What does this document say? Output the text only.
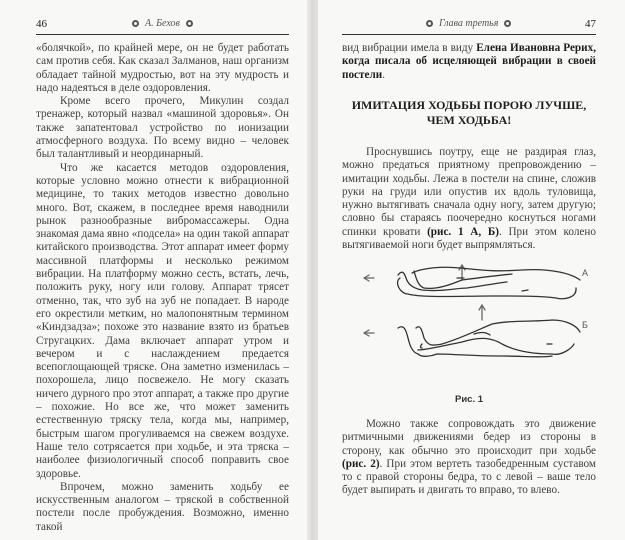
46	А. Бехов

«болячкой», по крайней мере, он не будет работать сам против себя. Как сказал Залманов, наш организм обладает тайной мудростью, вот на эту мудрость и надо надеяться в деле оздоровления.

Кроме всего прочего, Микулин создал тренажер, который назвал «машиной здоровья». Он также запатентовал устройство по ионизации атмосферного воздуха. По всему видно – человек был талантливый и неординарный.

Что же касается методов оздоровления, которые условно можно отнести к вибрационной медицине, то таких методов известно довольно много. Вот, скажем, в последнее время наводнили рынок разнообразные вибромассажеры. Одна знакомая дама явно «подсела» на один такой аппарат китайского производства. Этот аппарат имеет форму массивной платформы и несколько режимом вибрации. На платформу можно сесть, встать, лечь, положить руку, ногу или голову. Аппарат трясет отменно, так, что зуб на зуб не попадает. В народе его окрестили метким, но малопонятным термином «Киндзадза»; похоже это название взято из братьев Стругацких. Дама включает аппарат утром и вечером и с наслаждением предается всепоглощающей тряске. Она заметно изменилась – похорошела, лицо посвежело. Не могу сказать ничего дурного про этот аппарат, а также про другие – похожие. Но все же, что может заменить естественную тряску тела, когда мы, например, быстрым шагом прогуливаемся на свежем воздухе. Наше тело сотрясается при ходьбе, и эта тряска – наиболее физиологичный способ поправить свое здоровье.

Впрочем, можно заменить ходьбу ее искусственным аналогом – тряской в собственной постели после пробуждения. Возможно, именно такой

Глава третья	47

вид вибрации имела в виду Елена Ивановна Рерих, когда писала об исцеляющей вибрации в своей постели.

ИМИТАЦИЯ ХОДЬБЫ ПОРОЮ ЛУЧШЕ,
ЧЕМ ХОДЬБА!

Проснувшись поутру, еще не раздирая глаз, можно предаться приятному препровождению – имитации ходьбы. Лежа в постели на спине, сложив руки на груди или опустив их вдоль туловища, нужно вытягивать сначала одну ногу, затем другую; словно бы стараясь поочередно коснуться ногами спинки кровати (рис. 1 А, Б). При этом колено вытягиваемой ноги будет выпрямляться.

А
Б
Рис. 1

Можно также сопровождать это движение ритмичными движениями бедер из стороны в сторону, как обычно это происходит при ходьбе (рис. 2). При этом вертеть тазобедренным суставом то с правой стороны бедра, то с левой – ваше тело будет выпирать и двигать то вправо, то влево.
